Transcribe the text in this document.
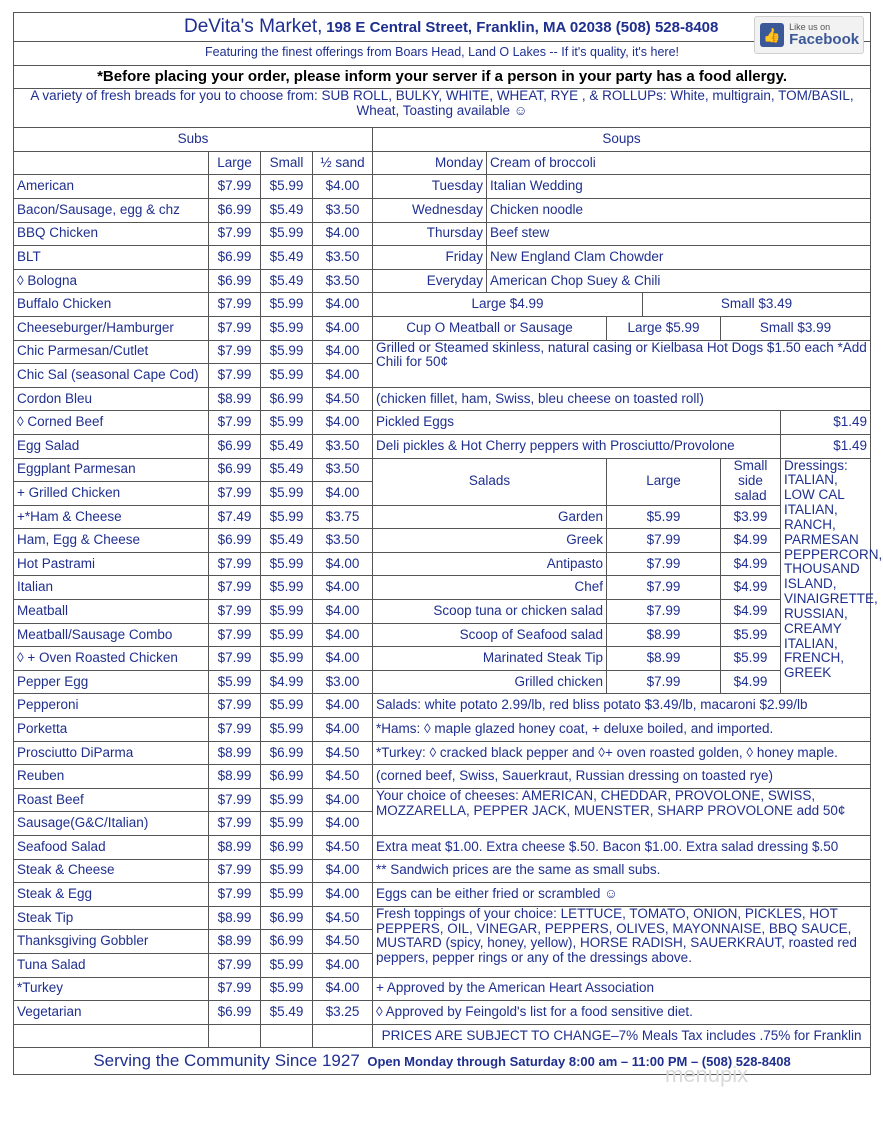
DeVita's Market, 198 E Central Street, Franklin, MA 02038 (508) 528-8408 👍 Like us on
Facebook									

Featuring the finest offerings from Boars Head, Land O Lakes -- If it's quality, it's here!									
*Before placing your order, please inform your server if a person in your party has a food allergy.									
A variety of fresh breads for you to choose from: SUB ROLL, BULKY, WHITE, WHEAT, RYE , & ROLLUPs: White, multigrain, TOM/BASIL, Wheat, Toasting available ☺									
Subs				Soups					
	Large	Small	½ sand	Monday	Cream of broccoli				
American	$7.99	$5.99	$4.00	Tuesday	Italian Wedding				
Bacon/Sausage, egg & chz	$6.99	$5.49	$3.50	Wednesday	Chicken noodle				
BBQ Chicken	$7.99	$5.99	$4.00	Thursday	Beef stew				
BLT	$6.99	$5.49	$3.50	Friday	New England Clam Chowder				
◊ Bologna	$6.99	$5.49	$3.50	Everyday	American Chop Suey & Chili				
Buffalo Chicken	$7.99	$5.99	$4.00	Large $4.99			Small $3.49		
Cheeseburger/Hamburger	$7.99	$5.99	$4.00	Cup O Meatball or Sausage		Large $5.99		Small $3.99	
Chic Parmesan/Cutlet	$7.99	$5.99	$4.00	Grilled or Steamed skinless, natural casing or Kielbasa Hot Dogs $1.50 each *Add Chili for 50¢					
Chic Sal (seasonal Cape Cod)	$7.99	$5.99	$4.00						
Cordon Bleu	$8.99	$6.99	$4.50	(chicken fillet, ham, Swiss, bleu cheese on toasted roll)					
◊ Corned Beef	$7.99	$5.99	$4.00	Pickled Eggs					$1.49
Egg Salad	$6.99	$5.49	$3.50	Deli pickles & Hot Cherry peppers with Prosciutto/Provolone					$1.49
Eggplant Parmesan	$6.99	$5.49	$3.50	Salads		Large		Small side salad	Dressings: ITALIAN, LOW CAL ITALIAN, RANCH, PARMESAN PEPPERCORN, THOUSAND ISLAND, VINAIGRETTE, RUSSIAN, CREAMY ITALIAN, FRENCH, GREEK
+ Grilled Chicken	$7.99	$5.99	$4.00						
+*Ham & Cheese	$7.49	$5.99	$3.75	Garden		$5.99		$3.99	
Ham, Egg & Cheese	$6.99	$5.49	$3.50	Greek		$7.99		$4.99	
Hot Pastrami	$7.99	$5.99	$4.00	Antipasto		$7.99		$4.99	
Italian	$7.99	$5.99	$4.00	Chef		$7.99		$4.99	
Meatball	$7.99	$5.99	$4.00	Scoop tuna or chicken salad		$7.99		$4.99	
Meatball/Sausage Combo	$7.99	$5.99	$4.00	Scoop of Seafood salad		$8.99		$5.99	
◊ + Oven Roasted Chicken	$7.99	$5.99	$4.00	Marinated Steak Tip		$8.99		$5.99	
Pepper Egg	$5.99	$4.99	$3.00	Grilled chicken		$7.99		$4.99	
Pepperoni	$7.99	$5.99	$4.00	Salads: white potato 2.99/lb, red bliss potato $3.49/lb, macaroni $2.99/lb					
Porketta	$7.99	$5.99	$4.00	*Hams: ◊ maple glazed honey coat, + deluxe boiled, and imported.					
Prosciutto DiParma	$8.99	$6.99	$4.50	*Turkey: ◊ cracked black pepper and ◊+ oven roasted golden, ◊ honey maple.					
Reuben	$8.99	$6.99	$4.50	(corned beef, Swiss, Sauerkraut, Russian dressing on toasted rye)					
Roast Beef	$7.99	$5.99	$4.00	Your choice of cheeses: AMERICAN, CHEDDAR, PROVOLONE, SWISS, MOZZARELLA, PEPPER JACK, MUENSTER, SHARP PROVOLONE add 50¢					
Sausage(G&C/Italian)	$7.99	$5.99	$4.00						
Seafood Salad	$8.99	$6.99	$4.50	Extra meat $1.00. Extra cheese $.50. Bacon $1.00. Extra salad dressing $.50					
Steak & Cheese	$7.99	$5.99	$4.00	** Sandwich prices are the same as small subs.					
Steak & Egg	$7.99	$5.99	$4.00	Eggs can be either fried or scrambled ☺					
Steak Tip	$8.99	$6.99	$4.50	Fresh toppings of your choice: LETTUCE, TOMATO, ONION, PICKLES, HOT PEPPERS, OIL, VINEGAR, PEPPERS, OLIVES, MAYONNAISE, BBQ SAUCE, MUSTARD (spicy, honey, yellow), HORSE RADISH, SAUERKRAUT, roasted red peppers, pepper rings or any of the dressings above.					
Thanksgiving Gobbler	$8.99	$6.99	$4.50						
Tuna Salad	$7.99	$5.99	$4.00						
*Turkey	$7.99	$5.99	$4.00	+ Approved by the American Heart Association					
Vegetarian	$6.99	$5.49	$3.25	◊ Approved by Feingold's list for a food sensitive diet.					
				PRICES ARE SUBJECT TO CHANGE–7% Meals Tax includes .75% for Franklin					
Serving the Community Since 1927 Open Monday through Saturday 8:00 am – 11:00 PM – (508) 528-8408									
menupix
